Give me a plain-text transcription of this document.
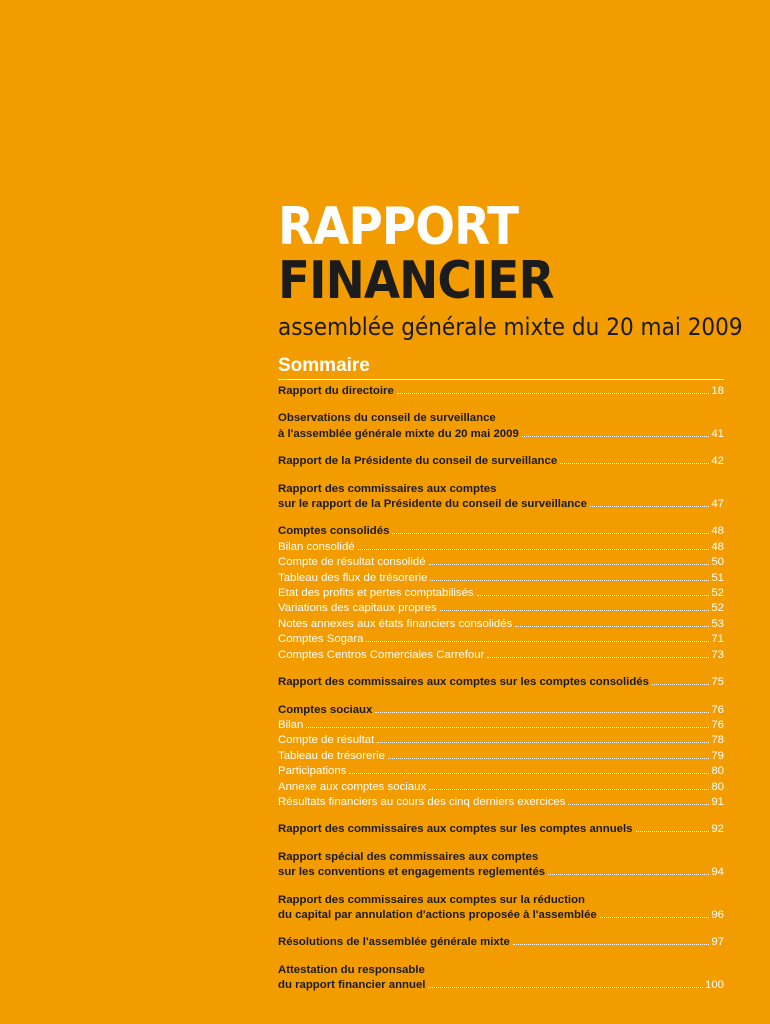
RAPPORT
FINANCIER
assemblée générale mixte du 20 mai 2009
Sommaire
Rapport du directoire	18
Observations du conseil de surveillance
à l'assemblée générale mixte du 20 mai 2009	41
Rapport de la Présidente du conseil de surveillance	42
Rapport des commissaires aux comptes
sur le rapport de la Présidente du conseil de surveillance	47
Comptes consolidés	48
Bilan consolidé	48
Compte de résultat consolidé	50
Tableau des flux de trésorerie	51
Etat des profits et pertes comptabilisés	52
Variations des capitaux propres	52
Notes annexes aux états financiers consolidés	53
Comptes Sogara	71
Comptes Centros Comerciales Carrefour	73
Rapport des commissaires aux comptes sur les comptes consolidés	75
Comptes sociaux	76
Bilan	76
Compte de résultat	78
Tableau de trésorerie	79
Participations	80
Annexe aux comptes sociaux	80
Résultats financiers au cours des cinq derniers exercices	91
Rapport des commissaires aux comptes sur les comptes annuels	92
Rapport spécial des commissaires aux comptes
sur les conventions et engagements reglementés	94
Rapport des commissaires aux comptes sur la réduction
du capital par annulation d'actions proposée à l'assemblée	96
Résolutions de l'assemblée générale mixte	97
Attestation du responsable
du rapport financier annuel	100
